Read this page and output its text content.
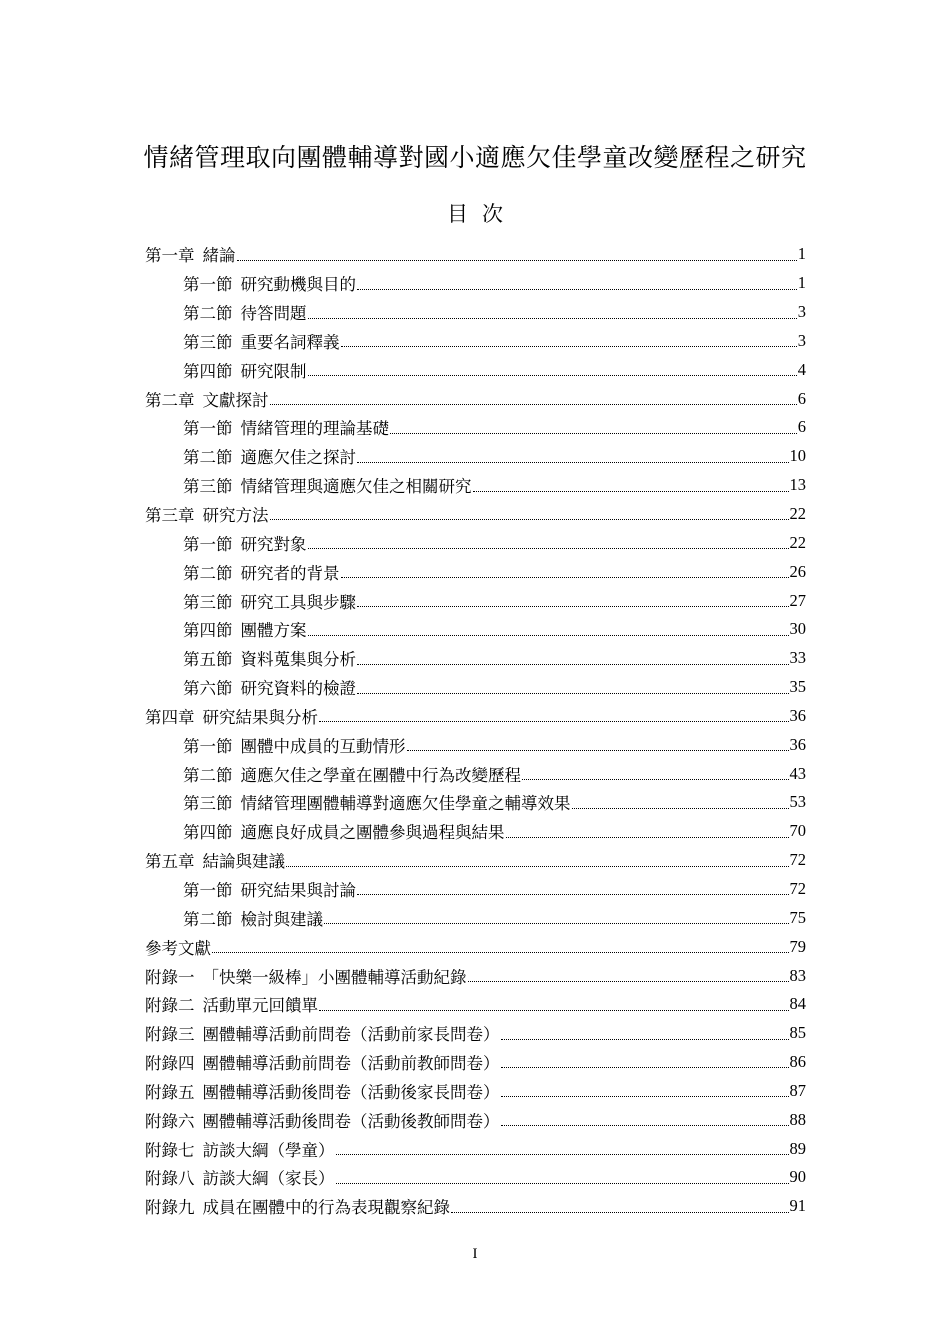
情緒管理取向團體輔導對國小適應欠佳學童改變歷程之研究
目次
第一章 緒論	1
第一節 研究動機與目的	1
第二節 待答問題	3
第三節 重要名詞釋義	3
第四節 研究限制	4
第二章 文獻探討	6
第一節 情緒管理的理論基礎	6
第二節 適應欠佳之探討	10
第三節 情緒管理與適應欠佳之相關研究	13
第三章 研究方法	22
第一節 研究對象	22
第二節 研究者的背景	26
第三節 研究工具與步驟	27
第四節 團體方案	30
第五節 資料蒐集與分析	33
第六節 研究資料的檢證	35
第四章 研究結果與分析	36
第一節 團體中成員的互動情形	36
第二節 適應欠佳之學童在團體中行為改變歷程	43
第三節 情緒管理團體輔導對適應欠佳學童之輔導效果	53
第四節 適應良好成員之團體參與過程與結果	70
第五章 結論與建議	72
第一節 研究結果與討論	72
第二節 檢討與建議	75
參考文獻	79
附錄一 「快樂一級棒」小團體輔導活動紀錄	83
附錄二 活動單元回饋單	84
附錄三 團體輔導活動前問卷（活動前家長問卷）	85
附錄四 團體輔導活動前問卷（活動前教師問卷）	86
附錄五 團體輔導活動後問卷（活動後家長問卷）	87
附錄六 團體輔導活動後問卷（活動後教師問卷）	88
附錄七 訪談大綱（學童）	89
附錄八 訪談大綱（家長）	90
附錄九 成員在團體中的行為表現觀察紀錄	91
I
